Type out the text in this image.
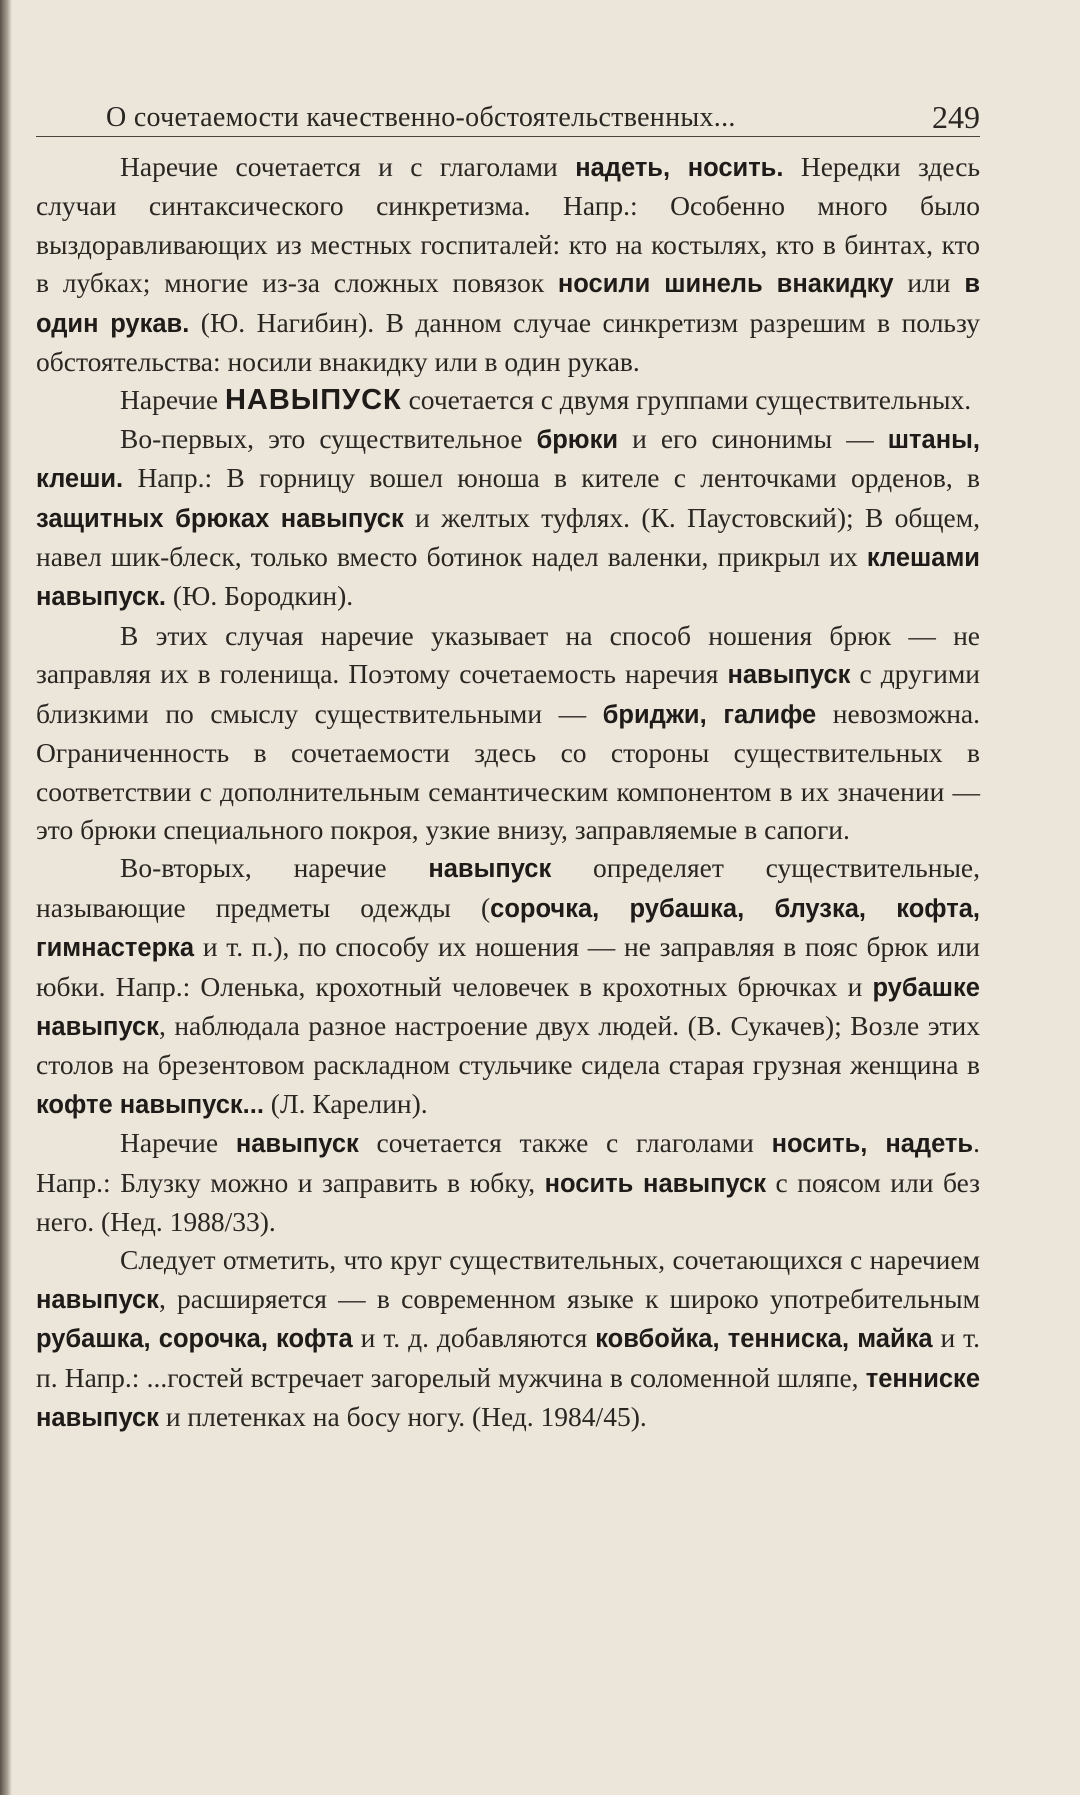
О сочетаемости качественно-обстоятельственных...	249

Наречие сочетается и с глаголами надеть, носить. Нередки здесь случаи синтаксического синкретизма. Напр.: Особенно много было выздоравливающих из местных госпиталей: кто на костылях, кто в бинтах, кто в лубках; многие из-за сложных повязок носили шинель внакидку или в один рукав. (Ю. Нагибин). В данном случае синкретизм разрешим в пользу обстоятельства: носили внакидку или в один рукав.

Наречие НАВЫПУСК сочетается с двумя группами существительных.

Во-первых, это существительное брюки и его синонимы — штаны, клеши. Напр.: В горницу вошел юноша в кителе с ленточками орденов, в защитных брюках навыпуск и желтых туфлях. (К. Паустовский); В общем, навел шик-блеск, только вместо ботинок надел валенки, прикрыл их клешами навыпуск. (Ю. Бородкин).

В этих случая наречие указывает на способ ношения брюк — не заправляя их в голенища. Поэтому сочетаемость наречия навыпуск с другими близкими по смыслу существительными — бриджи, галифе невозможна. Ограниченность в сочетаемости здесь со стороны существительных в соответствии с дополнительным семантическим компонентом в их значении — это брюки специального покроя, узкие внизу, заправляемые в сапоги.

Во-вторых, наречие навыпуск определяет существительные, называющие предметы одежды (сорочка, рубашка, блузка, кофта, гимнастерка и т. п.), по способу их ношения — не заправляя в пояс брюк или юбки. Напр.: Оленька, крохотный человечек в крохотных брючках и рубашке навыпуск, наблюдала разное настроение двух людей. (В. Сукачев); Возле этих столов на брезентовом раскладном стульчике сидела старая грузная женщина в кофте навыпуск... (Л. Карелин).

Наречие навыпуск сочетается также с глаголами носить, надеть. Напр.: Блузку можно и заправить в юбку, носить навыпуск с поясом или без него. (Нед. 1988/33).

Следует отметить, что круг существительных, сочетающихся с наречием навыпуск, расширяется — в современном языке к широко употребительным рубашка, сорочка, кофта и т. д. добавляются ковбойка, тенниска, майка и т. п. Напр.: ...гостей встречает загорелый мужчина в соломенной шляпе, тенниске навыпуск и плетенках на босу ногу. (Нед. 1984/45).
